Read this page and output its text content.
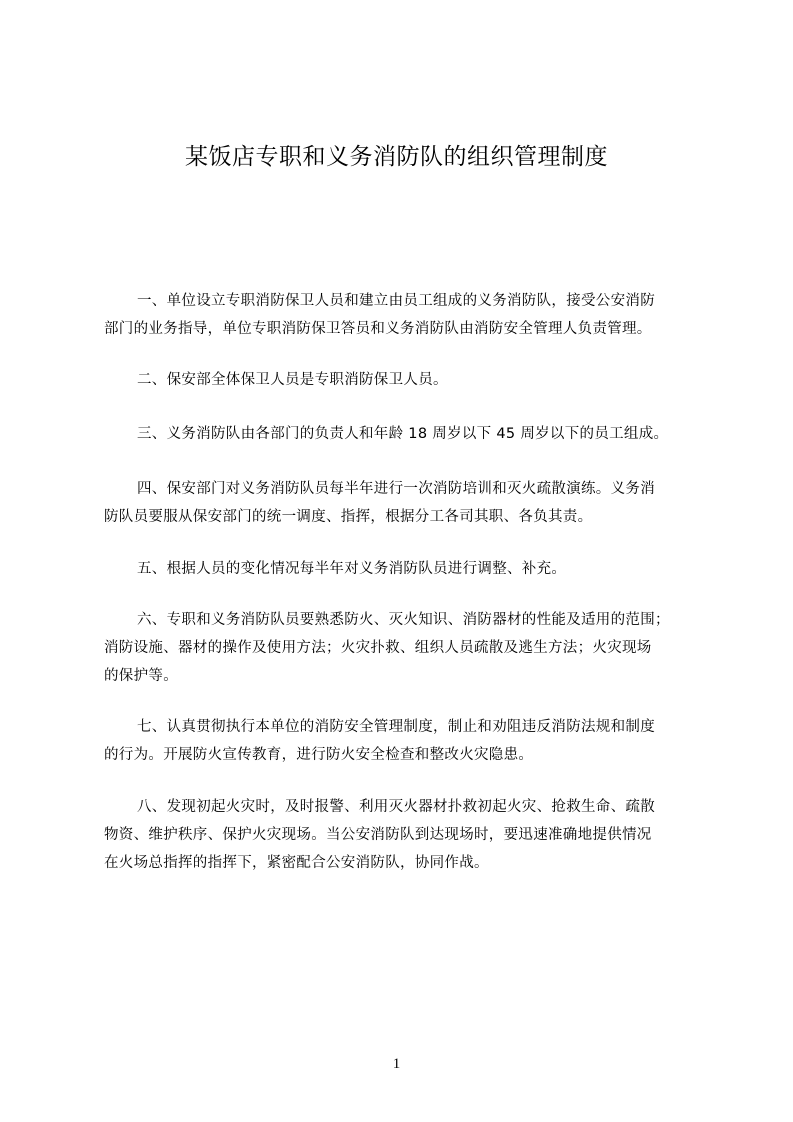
某饭店专职和义务消防队的组织管理制度
一、单位设立专职消防保卫人员和建立由员工组成的义务消防队，接受公安消防
部门的业务指导，单位专职消防保卫答员和义务消防队由消防安全管理人负责管理。
二、保安部全体保卫人员是专职消防保卫人员。
三、义务消防队由各部门的负责人和年龄 18 周岁以下 45 周岁以下的员工组成。
四、保安部门对义务消防队员每半年进行一次消防培训和灭火疏散演练。义务消
防队员要服从保安部门的统一调度、指挥，根据分工各司其职、各负其责。
五、根据人员的变化情况每半年对义务消防队员进行调整、补充。
六、专职和义务消防队员要熟悉防火、灭火知识、消防器材的性能及适用的范围；
消防设施、器材的操作及使用方法；火灾扑救、组织人员疏散及逃生方法；火灾现场
的保护等。
七、认真贯彻执行本单位的消防安全管理制度，制止和劝阻违反消防法规和制度
的行为。开展防火宣传教育，进行防火安全检查和整改火灾隐患。
八、发现初起火灾时，及时报警、利用灭火器材扑救初起火灾、抢救生命、疏散
物资、维护秩序、保护火灾现场。当公安消防队到达现场时，要迅速准确地提供情况
在火场总指挥的指挥下，紧密配合公安消防队，协同作战。
1
